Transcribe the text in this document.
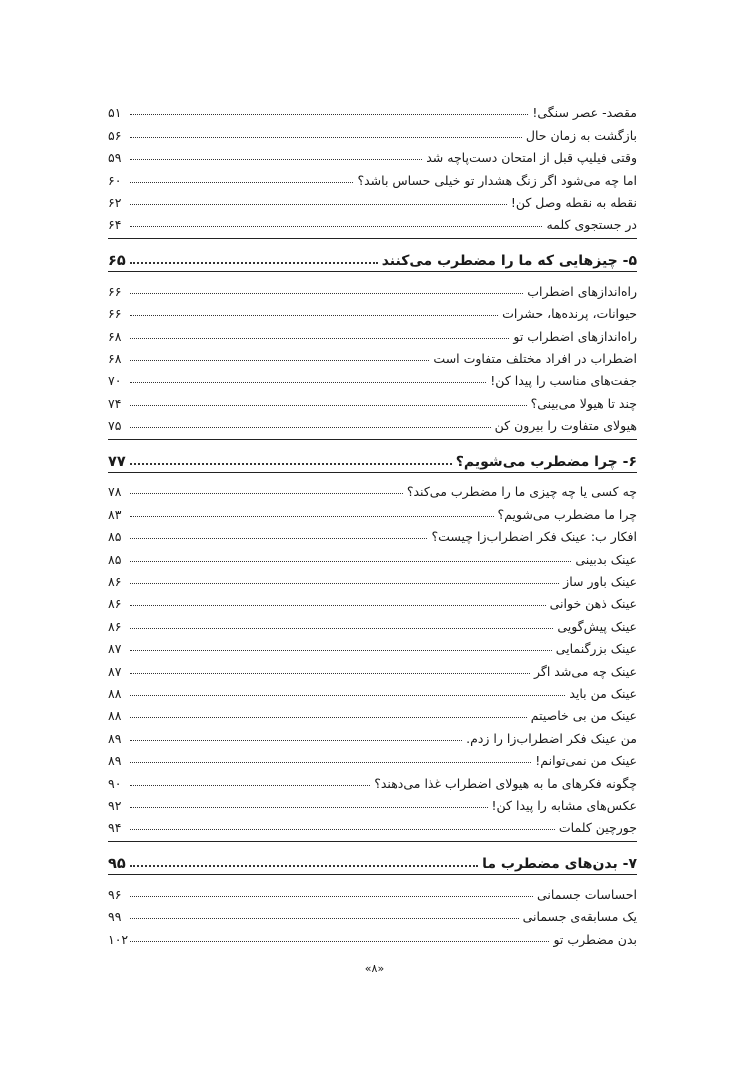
مقصد- عصر سنگی!
۵۱
بازگشت به زمان حال
۵۶
وقتی فیلیپ قبل از امتحان دست‌پاچه شد
۵۹
اما چه می‌شود اگر زنگ هشدار تو خیلی حساس باشد؟
۶۰
نقطه به نقطه وصل کن!
۶۲
در جستجوی کلمه
۶۴
۵- چیزهایی که ما را مضطرب می‌کنند
۶۵
راه‌اندازهای اضطراب
۶۶
حیوانات، پرنده‌ها، حشرات
۶۶
راه‌اندازهای اضطراب تو
۶۸
اضطراب در افراد مختلف متفاوت است
۶۸
جفت‌های مناسب را پیدا کن!
۷۰
چند تا هیولا می‌بینی؟
۷۴
هیولای متفاوت را بیرون کن
۷۵
۶- چرا مضطرب می‌شویم؟
۷۷
چه کسی یا چه چیزی ما را مضطرب می‌کند؟
۷۸
چرا ما مضطرب می‌شویم؟
۸۳
افکار ب: عینک فکر اضطراب‌زا چیست؟
۸۵
عینک بدبینی
۸۵
عینک باور ساز
۸۶
عینک ذهن خوانی
۸۶
عینک پیش‌گویی
۸۶
عینک بزرگنمایی
۸۷
عینک چه می‌شد اگر
۸۷
عینک من باید
۸۸
عینک من بی خاصیتم
۸۸
من عینک فکر اضطراب‌زا را زدم.
۸۹
عینک من نمی‌توانم!
۸۹
چگونه فکرهای ما به هیولای اضطراب غذا می‌دهند؟
۹۰
عکس‌های مشابه را پیدا کن!
۹۲
جورچین کلمات
۹۴
۷- بدن‌های مضطرب ما
۹۵
احساسات جسمانی
۹۶
یک مسابقه‌ی جسمانی
۹۹
بدن مضطرب تو
۱۰۲
«۸»
